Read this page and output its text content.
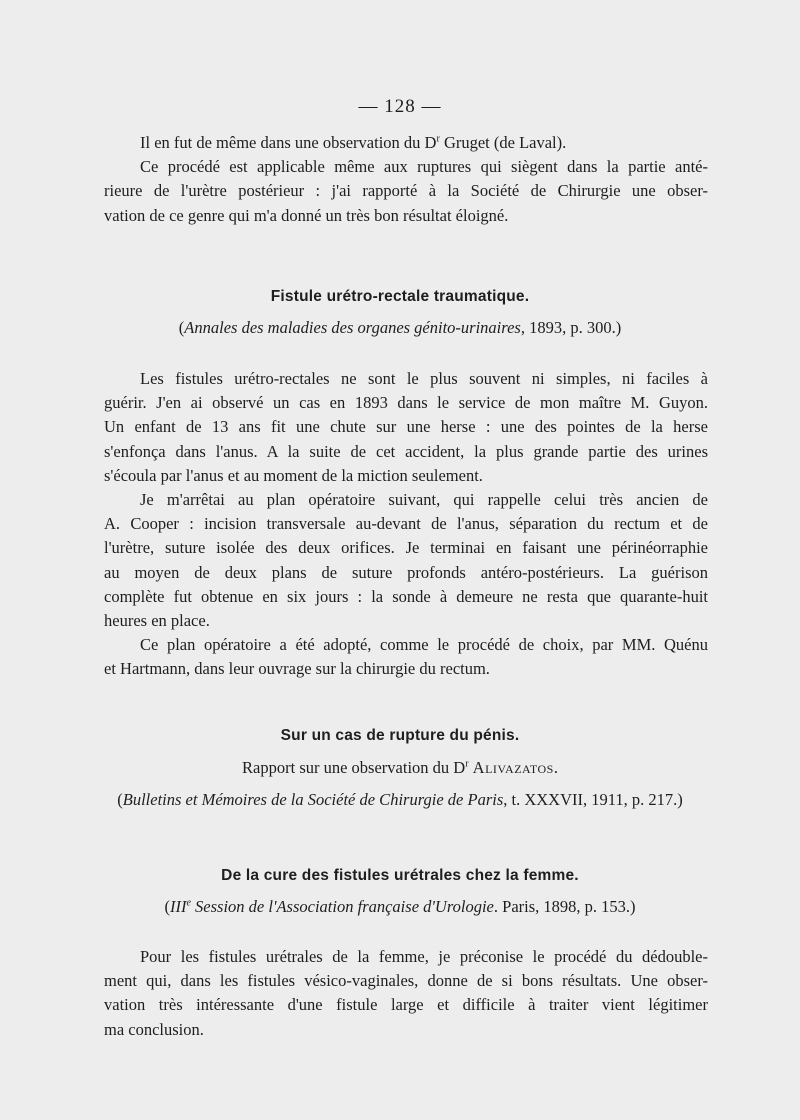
— 128 —
Il en fut de même dans une observation du $D^r$ Gruget (de Laval).
Ce procédé est applicable même aux ruptures qui siègent dans la partie anté-
rieure de l'urètre postérieur : j'ai rapporté à la Société de Chirurgie une obser-
vation de ce genre qui m'a donné un très bon résultat éloigné.
Fistule urétro-rectale traumatique.
(Annales des maladies des organes génito-urinaires, 1893, p. 300.)
Les fistules urétro-rectales ne sont le plus souvent ni simples, ni faciles à
guérir. J'en ai observé un cas en 1893 dans le service de mon maître M. Guyon.
Un enfant de 13 ans fit une chute sur une herse : une des pointes de la herse
s'enfonça dans l'anus. A la suite de cet accident, la plus grande partie des urines
s'écoula par l'anus et au moment de la miction seulement.
Je m'arrêtai au plan opératoire suivant, qui rappelle celui très ancien de
A. Cooper : incision transversale au-devant de l'anus, séparation du rectum et de
l'urètre, suture isolée des deux orifices. Je terminai en faisant une périnéorraphie
au moyen de deux plans de suture profonds antéro-postérieurs. La guérison
complète fut obtenue en six jours : la sonde à demeure ne resta que quarante-huit
heures en place.
Ce plan opératoire a été adopté, comme le procédé de choix, par MM. Quénu
et Hartmann, dans leur ouvrage sur la chirurgie du rectum.
Sur un cas de rupture du pénis.
Rapport sur une observation du $D^r$ Alivazatos.
(Bulletins et Mémoires de la Société de Chirurgie de Paris, t. XXXVII, 1911, p. 217.)
De la cure des fistules urétrales chez la femme.
(IIIe Session de l'Association française d'Urologie. Paris, 1898, p. 153.)
Pour les fistules urétrales de la femme, je préconise le procédé du dédouble-
ment qui, dans les fistules vésico-vaginales, donne de si bons résultats. Une obser-
vation très intéressante d'une fistule large et difficile à traiter vient légitimer
ma conclusion.
